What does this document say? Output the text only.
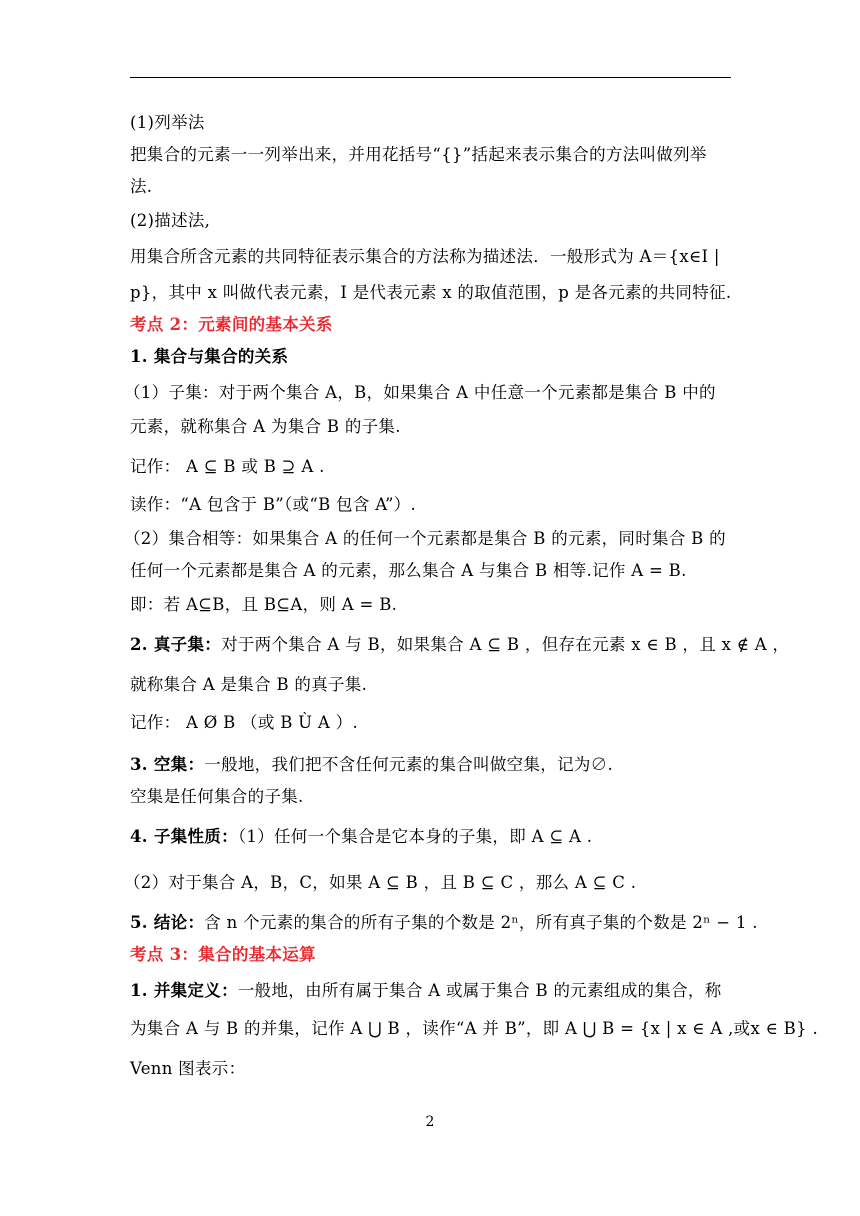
(1)列举法
把集合的元素一一列举出来，并用花括号“{}”括起来表示集合的方法叫做列举
法.
(2)描述法,
用集合所含元素的共同特征表示集合的方法称为描述法．一般形式为 A＝{x∈I |
p}，其中 x 叫做代表元素，I 是代表元素 x 的取值范围，p 是各元素的共同特征.
考点 2：元素间的基本关系
1. 集合与集合的关系
（1）子集：对于两个集合 A，B，如果集合 A 中任意一个元素都是集合 B 中的
元素，就称集合 A 为集合 B 的子集.
记作： A ⊆ B 或 B ⊇ A .
读作：“A 包含于 B”（或“B 包含 A”）.
（2）集合相等：如果集合 A 的任何一个元素都是集合 B 的元素，同时集合 B 的
任何一个元素都是集合 A 的元素，那么集合 A 与集合 B 相等.记作 A = B.
即：若 A⊆B，且 B⊆A，则 A = B.
2. 真子集：对于两个集合 A 与 B，如果集合 A ⊆ B ，但存在元素 x ∈ B ，且 x ∉ A ，
就称集合 A 是集合 B 的真子集.
记作： A Ø B （或 B Ù A ）.
3. 空集：一般地，我们把不含任何元素的集合叫做空集，记为∅.
空集是任何集合的子集.
4. 子集性质：（1）任何一个集合是它本身的子集，即 A ⊆ A .
（2）对于集合 A，B，C，如果 A ⊆ B ，且 B ⊆ C ，那么 A ⊆ C .
5. 结论：含 n 个元素的集合的所有子集的个数是 2ⁿ，所有真子集的个数是 2ⁿ − 1 .
考点 3：集合的基本运算
1. 并集定义：一般地，由所有属于集合 A 或属于集合 B 的元素组成的集合，称
为集合 A 与 B 的并集，记作 A ⋃ B ，读作“A 并 B”，即 A ⋃ B = {x | x ∈ A ,或x ∈ B} .
Venn 图表示：
2
